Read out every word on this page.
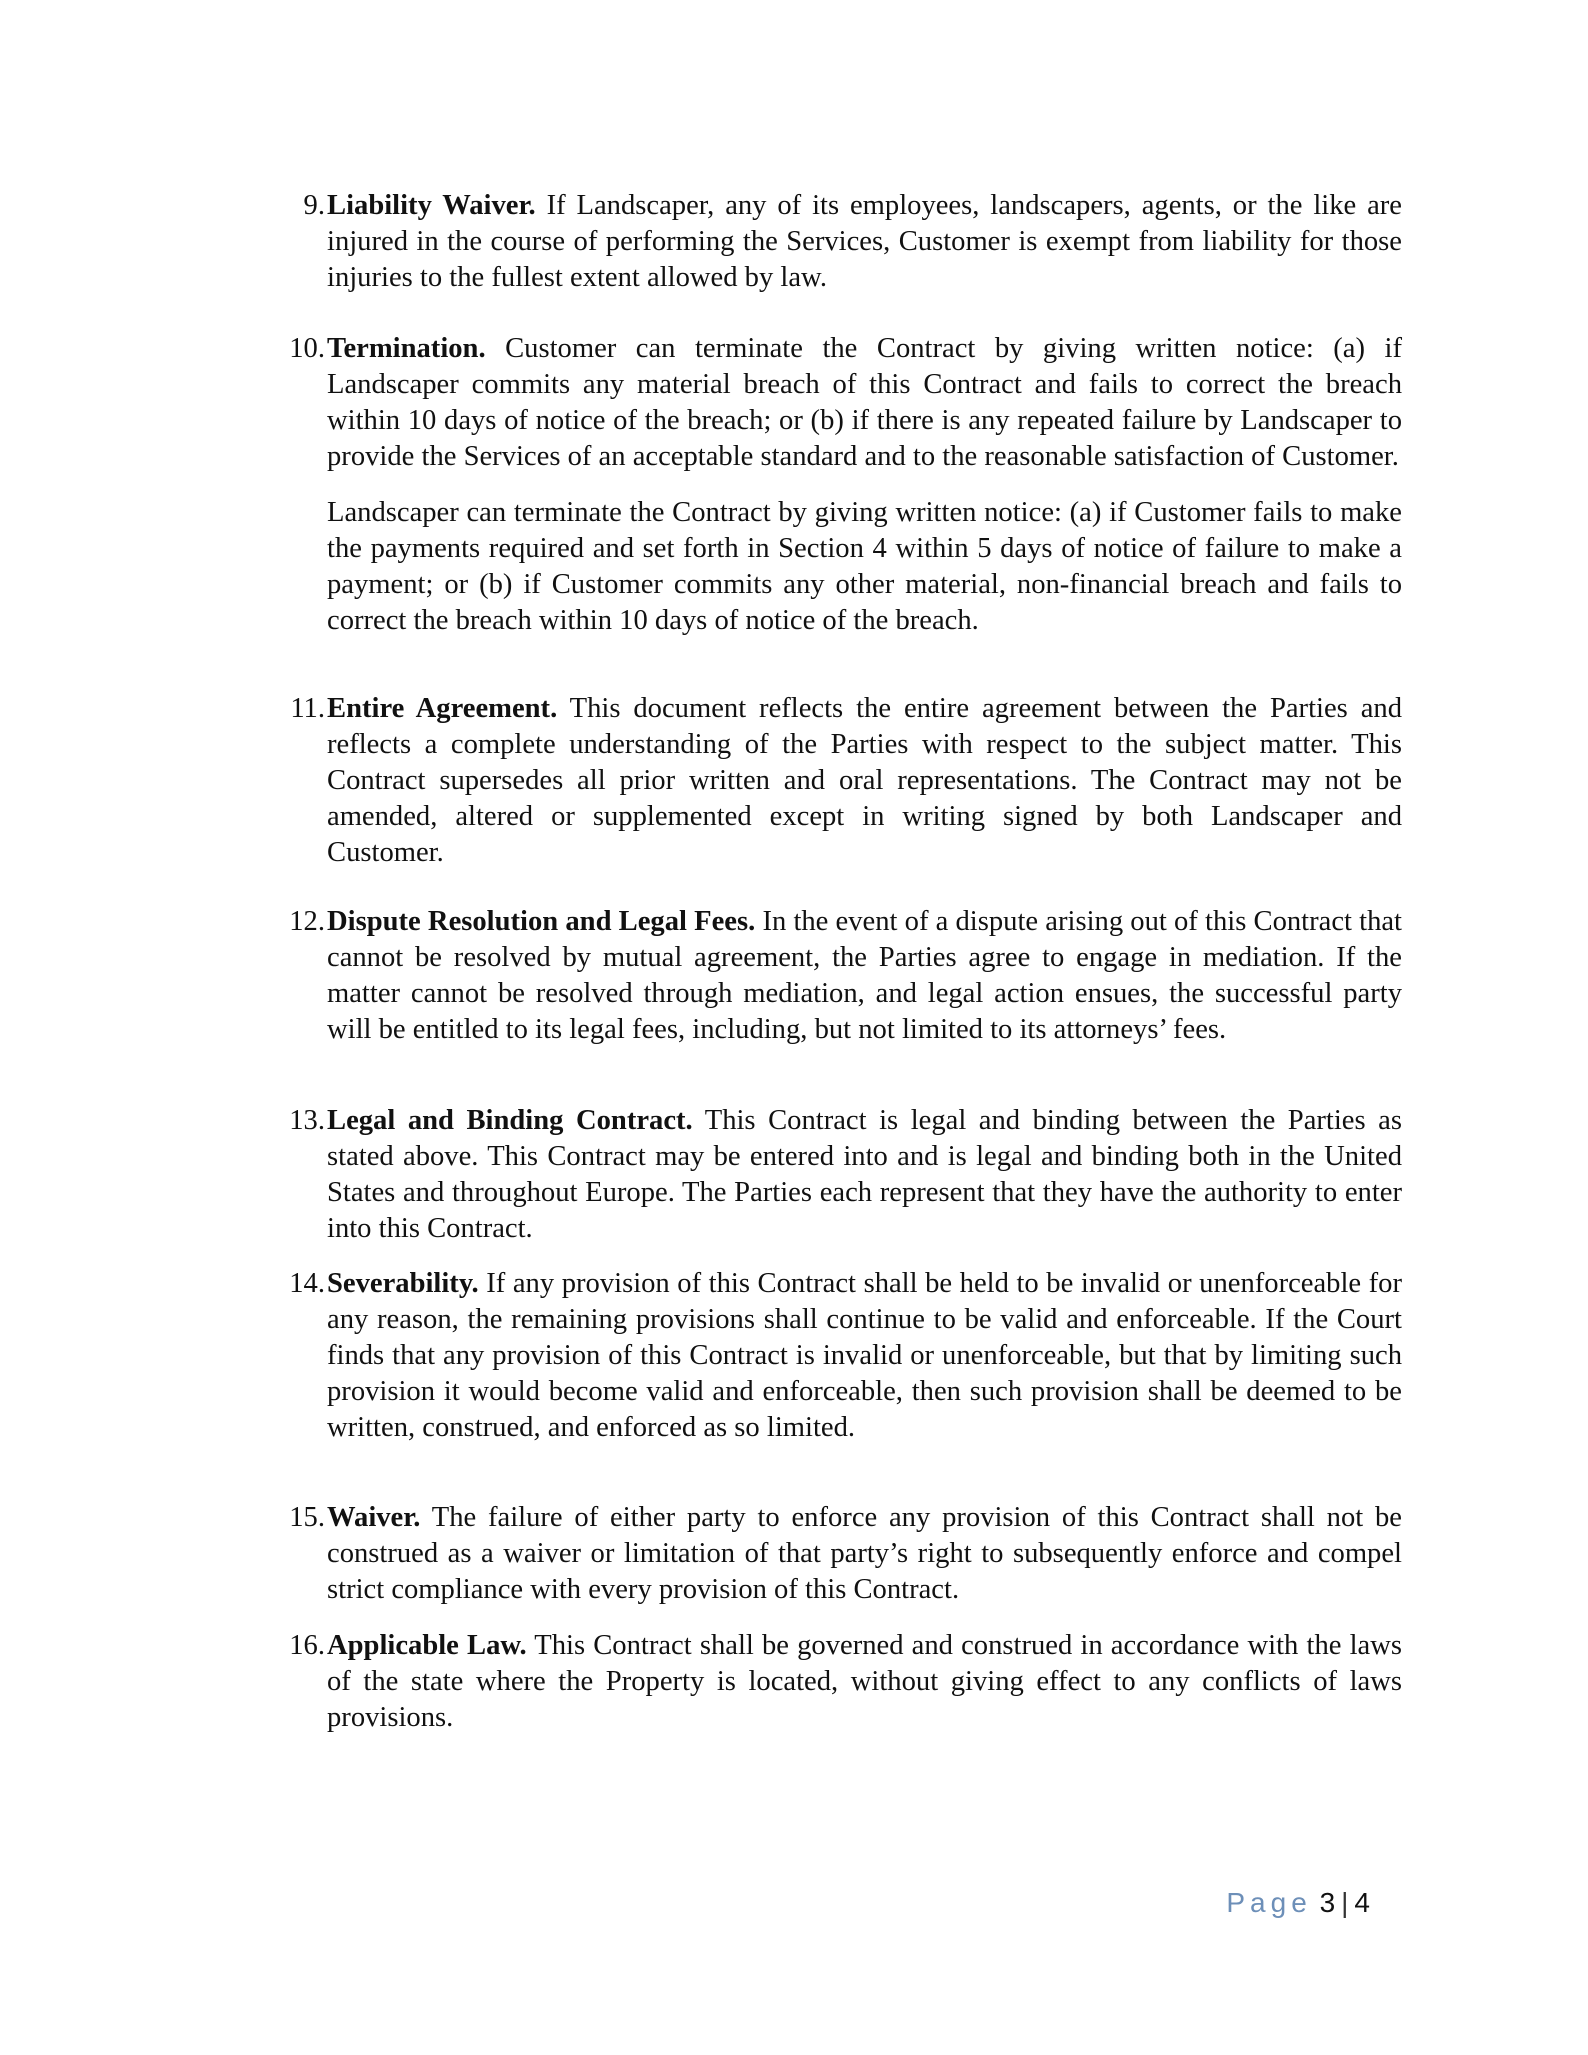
9. Liability Waiver. If Landscaper, any of its employees, landscapers, agents, or the like are injured in the course of performing the Services, Customer is exempt from liability for those injuries to the fullest extent allowed by law.

10. Termination. Customer can terminate the Contract by giving written notice: (a) if Landscaper commits any material breach of this Contract and fails to correct the breach within 10 days of notice of the breach; or (b) if there is any repeated failure by Landscaper to provide the Services of an acceptable standard and to the reasonable satisfaction of Customer.

Landscaper can terminate the Contract by giving written notice: (a) if Customer fails to make the payments required and set forth in Section 4 within 5 days of notice of failure to make a payment; or (b) if Customer commits any other material, non-financial breach and fails to correct the breach within 10 days of notice of the breach.

11. Entire Agreement. This document reflects the entire agreement between the Parties and reflects a complete understanding of the Parties with respect to the subject matter. This Contract supersedes all prior written and oral representations. The Contract may not be amended, altered or supplemented except in writing signed by both Landscaper and Customer.

12. Dispute Resolution and Legal Fees. In the event of a dispute arising out of this Contract that cannot be resolved by mutual agreement, the Parties agree to engage in mediation. If the matter cannot be resolved through mediation, and legal action ensues, the successful party will be entitled to its legal fees, including, but not limited to its attorneys’ fees.

13. Legal and Binding Contract. This Contract is legal and binding between the Parties as stated above. This Contract may be entered into and is legal and binding both in the United States and throughout Europe. The Parties each represent that they have the authority to enter into this Contract.

14. Severability. If any provision of this Contract shall be held to be invalid or unenforceable for any reason, the remaining provisions shall continue to be valid and enforceable. If the Court finds that any provision of this Contract is invalid or unenforceable, but that by limiting such provision it would become valid and enforceable, then such provision shall be deemed to be written, construed, and enforced as so limited.

15. Waiver. The failure of either party to enforce any provision of this Contract shall not be construed as a waiver or limitation of that party’s right to subsequently enforce and compel strict compliance with every provision of this Contract.

16. Applicable Law. This Contract shall be governed and construed in accordance with the laws of the state where the Property is located, without giving effect to any conflicts of laws provisions.

Page 3 | 4
